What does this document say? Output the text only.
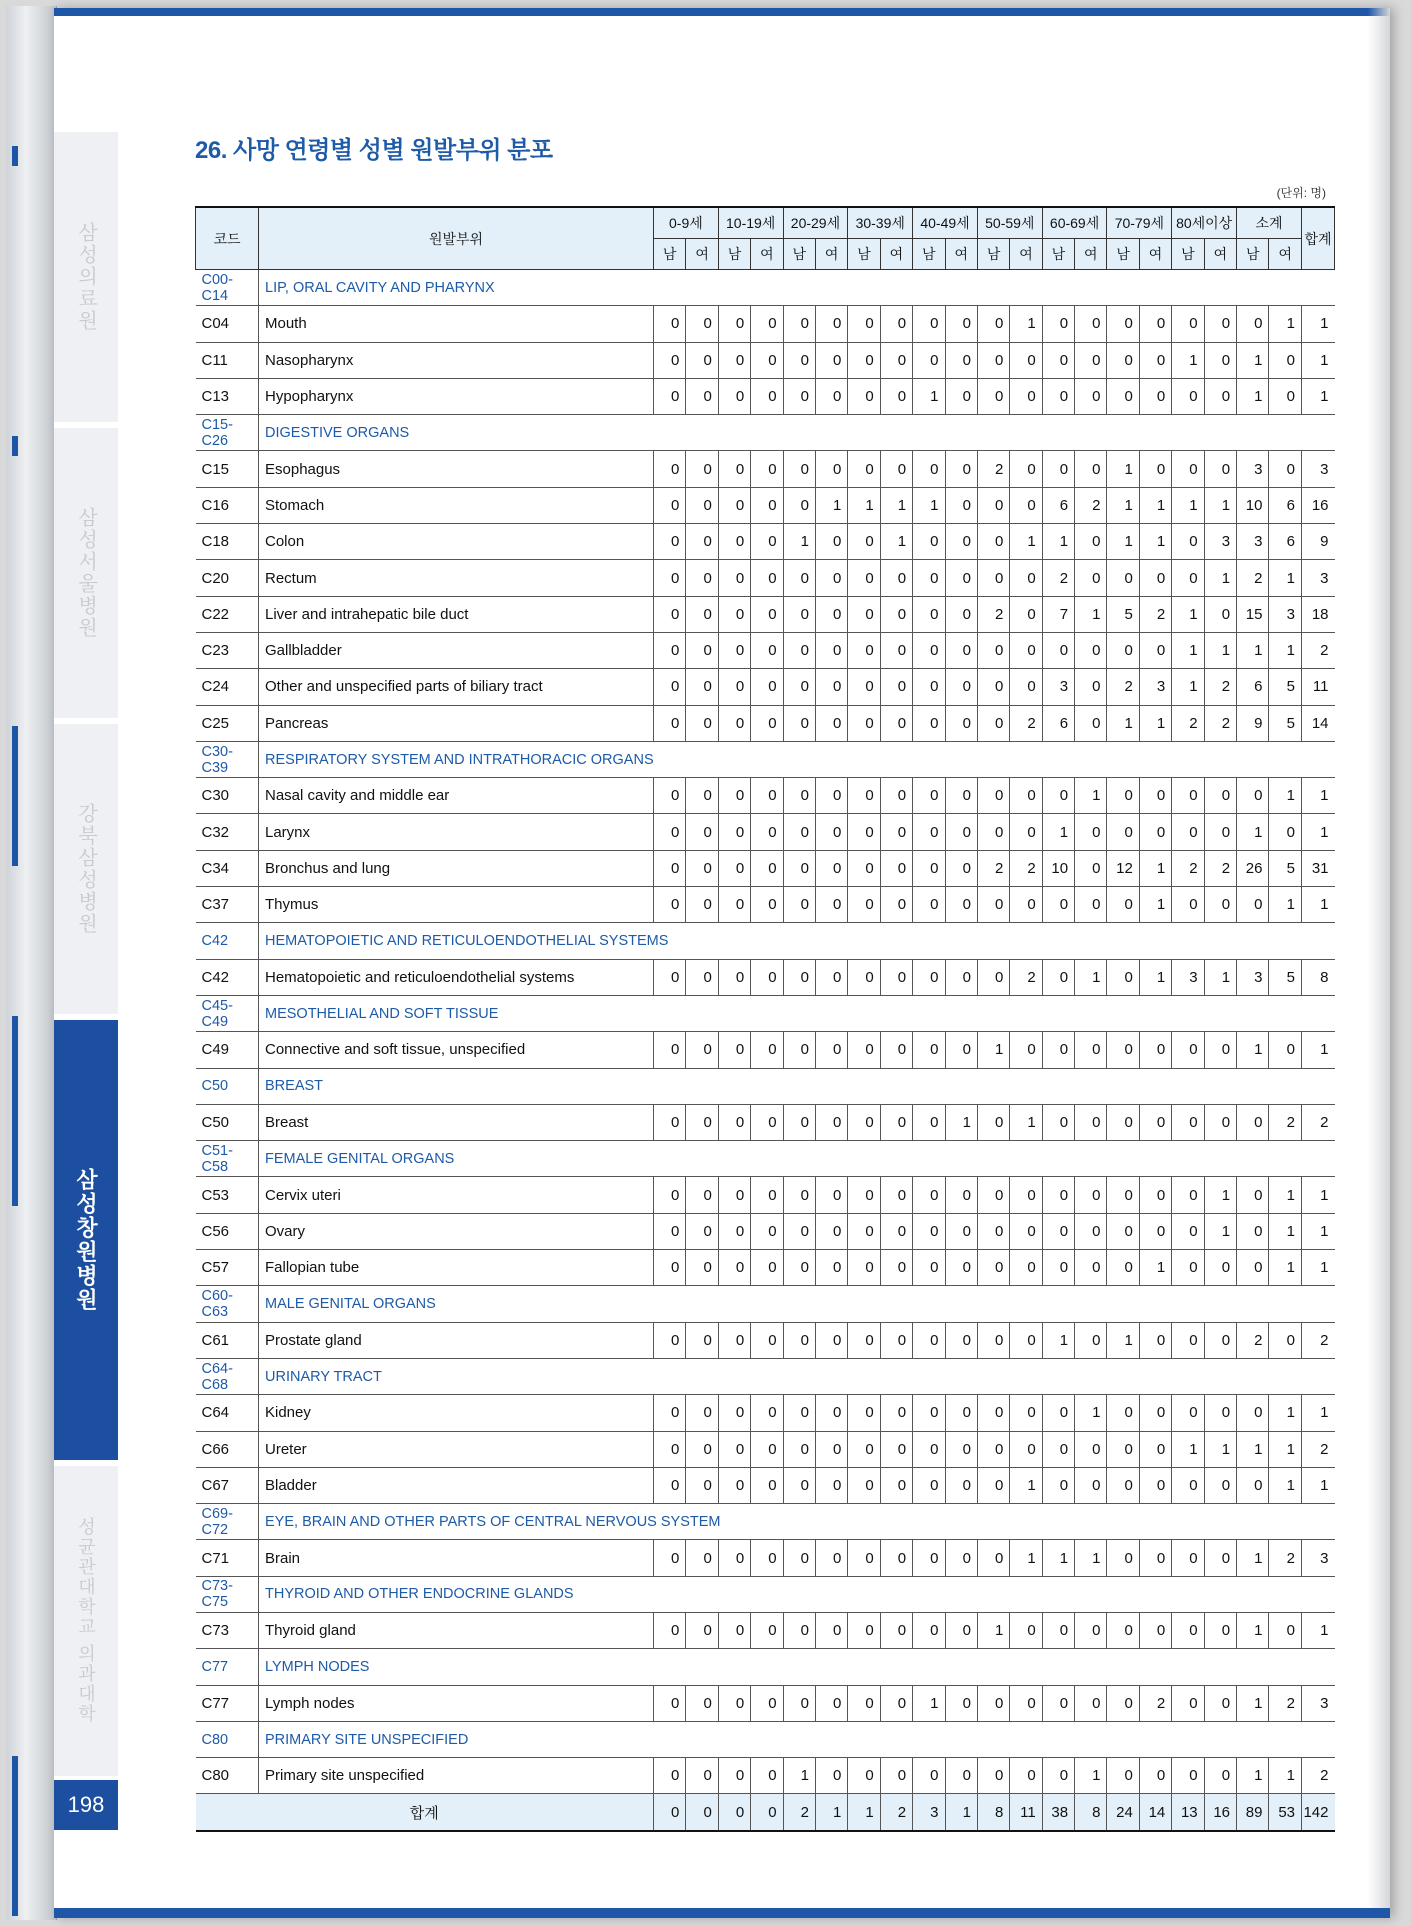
삼성의료원
삼성서울병원
강북삼성병원
삼성창원병원
성균관대학교 의과대학
198
26. 사망 연령별 성별 원발부위 분포
(단위: 명)
코드	원발부위	0-9세		10-19세		20-29세		30-39세		40-49세		50-59세		60-69세		70-79세		80세이상		소계		합계
		남	여	남	여	남	여	남	여	남	여	남	여	남	여	남	여	남	여	남	여	
C00-C14	LIP, ORAL CAVITY AND PHARYNX																					
C04	Mouth	0	0	0	0	0	0	0	0	0	0	0	1	0	0	0	0	0	0	0	1	1
C11	Nasopharynx	0	0	0	0	0	0	0	0	0	0	0	0	0	0	0	0	1	0	1	0	1
C13	Hypopharynx	0	0	0	0	0	0	0	0	1	0	0	0	0	0	0	0	0	0	1	0	1
C15-C26	DIGESTIVE ORGANS																					
C15	Esophagus	0	0	0	0	0	0	0	0	0	0	2	0	0	0	1	0	0	0	3	0	3
C16	Stomach	0	0	0	0	0	1	1	1	1	0	0	0	6	2	1	1	1	1	10	6	16
C18	Colon	0	0	0	0	1	0	0	1	0	0	0	1	1	0	1	1	0	3	3	6	9
C20	Rectum	0	0	0	0	0	0	0	0	0	0	0	0	2	0	0	0	0	1	2	1	3
C22	Liver and intrahepatic bile duct	0	0	0	0	0	0	0	0	0	0	2	0	7	1	5	2	1	0	15	3	18
C23	Gallbladder	0	0	0	0	0	0	0	0	0	0	0	0	0	0	0	0	1	1	1	1	2
C24	Other and unspecified parts of biliary tract	0	0	0	0	0	0	0	0	0	0	0	0	3	0	2	3	1	2	6	5	11
C25	Pancreas	0	0	0	0	0	0	0	0	0	0	0	2	6	0	1	1	2	2	9	5	14
C30-C39	RESPIRATORY SYSTEM AND INTRATHORACIC ORGANS																					
C30	Nasal cavity and middle ear	0	0	0	0	0	0	0	0	0	0	0	0	0	1	0	0	0	0	0	1	1
C32	Larynx	0	0	0	0	0	0	0	0	0	0	0	0	1	0	0	0	0	0	1	0	1
C34	Bronchus and lung	0	0	0	0	0	0	0	0	0	0	2	2	10	0	12	1	2	2	26	5	31
C37	Thymus	0	0	0	0	0	0	0	0	0	0	0	0	0	0	0	1	0	0	0	1	1
C42	HEMATOPOIETIC AND RETICULOENDOTHELIAL SYSTEMS																					
C42	Hematopoietic and reticuloendothelial systems	0	0	0	0	0	0	0	0	0	0	0	2	0	1	0	1	3	1	3	5	8
C45-C49	MESOTHELIAL AND SOFT TISSUE																					
C49	Connective and soft tissue, unspecified	0	0	0	0	0	0	0	0	0	0	1	0	0	0	0	0	0	0	1	0	1
C50	BREAST																					
C50	Breast	0	0	0	0	0	0	0	0	0	1	0	1	0	0	0	0	0	0	0	2	2
C51-C58	FEMALE GENITAL ORGANS																					
C53	Cervix uteri	0	0	0	0	0	0	0	0	0	0	0	0	0	0	0	0	0	1	0	1	1
C56	Ovary	0	0	0	0	0	0	0	0	0	0	0	0	0	0	0	0	0	1	0	1	1
C57	Fallopian tube	0	0	0	0	0	0	0	0	0	0	0	0	0	0	0	1	0	0	0	1	1
C60-C63	MALE GENITAL ORGANS																					
C61	Prostate gland	0	0	0	0	0	0	0	0	0	0	0	0	1	0	1	0	0	0	2	0	2
C64-C68	URINARY TRACT																					
C64	Kidney	0	0	0	0	0	0	0	0	0	0	0	0	0	1	0	0	0	0	0	1	1
C66	Ureter	0	0	0	0	0	0	0	0	0	0	0	0	0	0	0	0	1	1	1	1	2
C67	Bladder	0	0	0	0	0	0	0	0	0	0	0	1	0	0	0	0	0	0	0	1	1
C69-C72	EYE, BRAIN AND OTHER PARTS OF CENTRAL NERVOUS SYSTEM																					
C71	Brain	0	0	0	0	0	0	0	0	0	0	0	1	1	1	0	0	0	0	1	2	3
C73-C75	THYROID AND OTHER ENDOCRINE GLANDS																					
C73	Thyroid gland	0	0	0	0	0	0	0	0	0	0	1	0	0	0	0	0	0	0	1	0	1
C77	LYMPH NODES																					
C77	Lymph nodes	0	0	0	0	0	0	0	0	1	0	0	0	0	0	0	2	0	0	1	2	3
C80	PRIMARY SITE UNSPECIFIED																					
C80	Primary site unspecified	0	0	0	0	1	0	0	0	0	0	0	0	0	1	0	0	0	0	1	1	2
합계		0	0	0	0	2	1	1	2	3	1	8	11	38	8	24	14	13	16	89	53	142
